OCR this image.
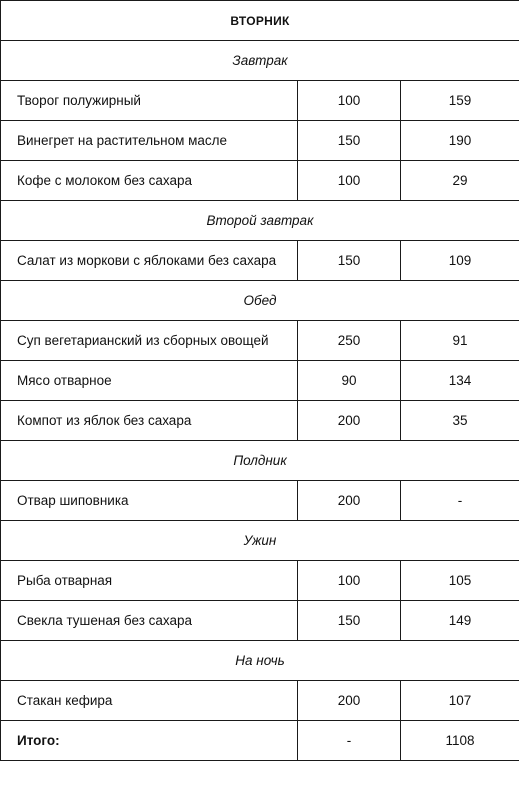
ВТОРНИК		
Завтрак		
Творог полужирный	100	159
Винегрет на растительном масле	150	190
Кофе с молоком без сахара	100	29
Второй завтрак		
Салат из моркови с яблоками без сахара	150	109
Обед		
Суп вегетарианский из сборных овощей	250	91
Мясо отварное	90	134
Компот из яблок без сахара	200	35
Полдник		
Отвар шиповника	200	-
Ужин		
Рыба отварная	100	105
Свекла тушеная без сахара	150	149
На ночь		
Стакан кефира	200	107
Итого:	-	1108
